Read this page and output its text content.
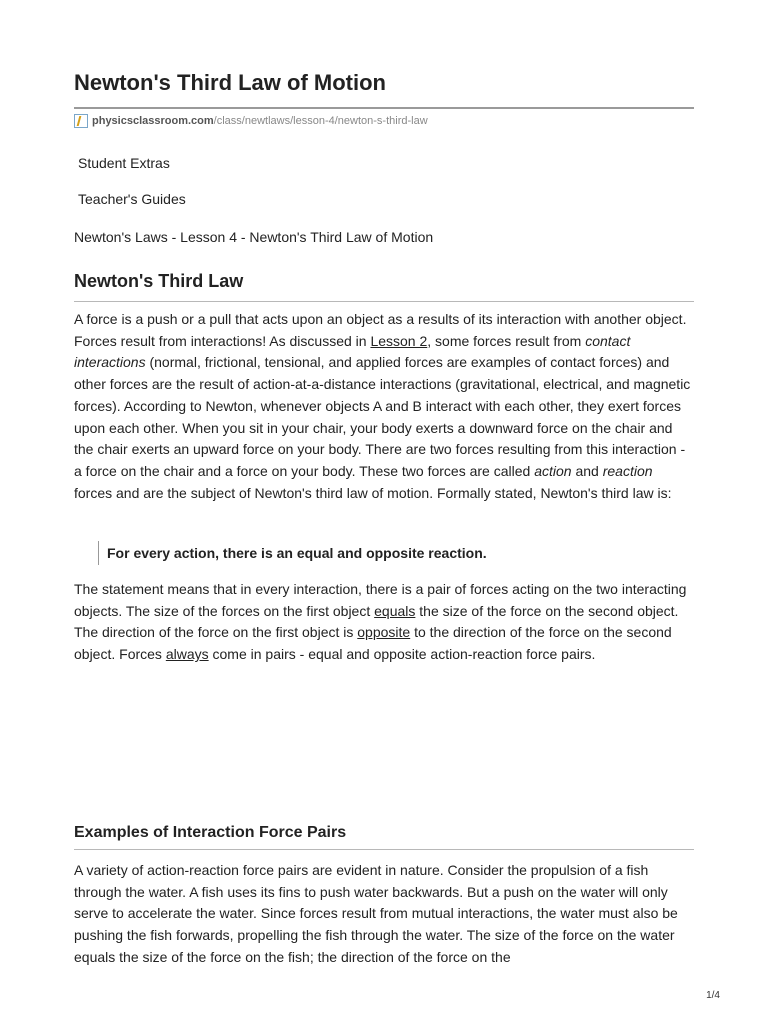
Newton's Third Law of Motion
physicsclassroom.com /class/newtlaws/lesson-4/newton-s-third-law
Student Extras
Teacher's Guides
Newton's Laws - Lesson 4 - Newton's Third Law of Motion
Newton's Third Law

A force is a push or a pull that acts upon an object as a results of its interaction with another object. Forces result from interactions! As discussed in Lesson 2, some forces result from contact interactions (normal, frictional, tensional, and applied forces are examples of contact forces) and other forces are the result of action-at-a-distance interactions (gravitational, electrical, and magnetic forces). According to Newton, whenever objects A and B interact with each other, they exert forces upon each other. When you sit in your chair, your body exerts a downward force on the chair and the chair exerts an upward force on your body. There are two forces resulting from this interaction - a force on the chair and a force on your body. These two forces are called action and reaction forces and are the subject of Newton's third law of motion. Formally stated, Newton's third law is:

For every action, there is an equal and opposite reaction.

The statement means that in every interaction, there is a pair of forces acting on the two interacting objects. The size of the forces on the first object equals the size of the force on the second object. The direction of the force on the first object is opposite to the direction of the force on the second object. Forces always come in pairs - equal and opposite action-reaction force pairs.

Examples of Interaction Force Pairs

A variety of action-reaction force pairs are evident in nature. Consider the propulsion of a fish through the water. A fish uses its fins to push water backwards. But a push on the water will only serve to accelerate the water. Since forces result from mutual interactions, the water must also be pushing the fish forwards, propelling the fish through the water. The size of the force on the water equals the size of the force on the fish; the direction of the force on the

1/4
